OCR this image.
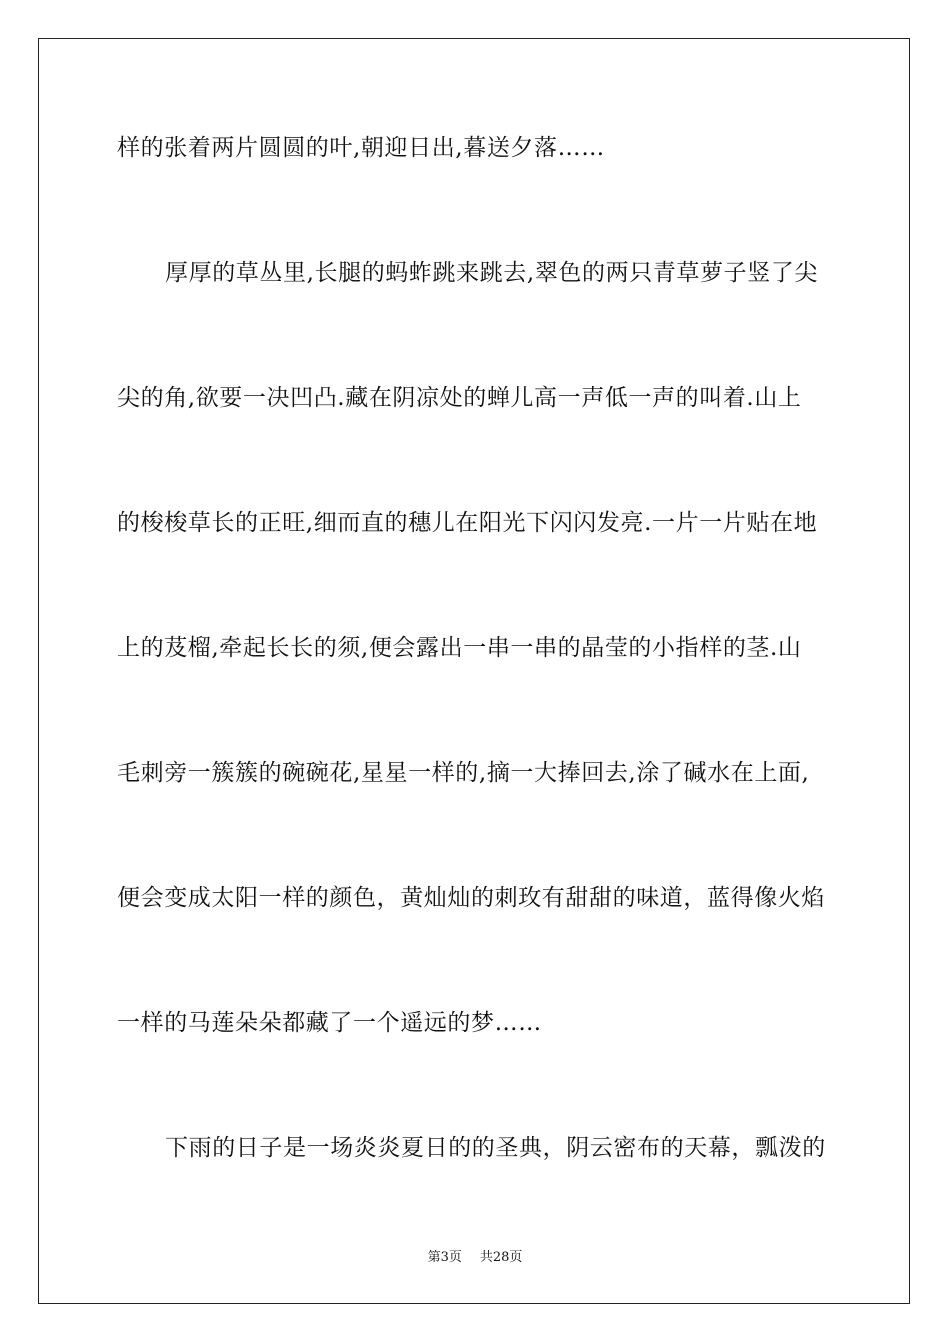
样的张着两片圆圆的叶,朝迎日出,暮送夕落……
厚厚的草丛里,长腿的蚂蚱跳来跳去,翠色的两只青草萝子竖了尖
尖的角,欲要一决凹凸.藏在阴凉处的蝉儿高一声低一声的叫着.山上
的梭梭草长的正旺,细而直的穗儿在阳光下闪闪发亮.一片一片贴在地
上的芨榴,牵起长长的须,便会露出一串一串的晶莹的小指样的茎.山
毛刺旁一簇簇的碗碗花,星星一样的,摘一大捧回去,涂了碱水在上面,
便会变成太阳一样的颜色，黄灿灿的刺玫有甜甜的味道，蓝得像火焰
一样的马莲朵朵都藏了一个遥远的梦……
下雨的日子是一场炎炎夏日的的圣典，阴云密布的天幕，瓢泼的
第3页 共28页
